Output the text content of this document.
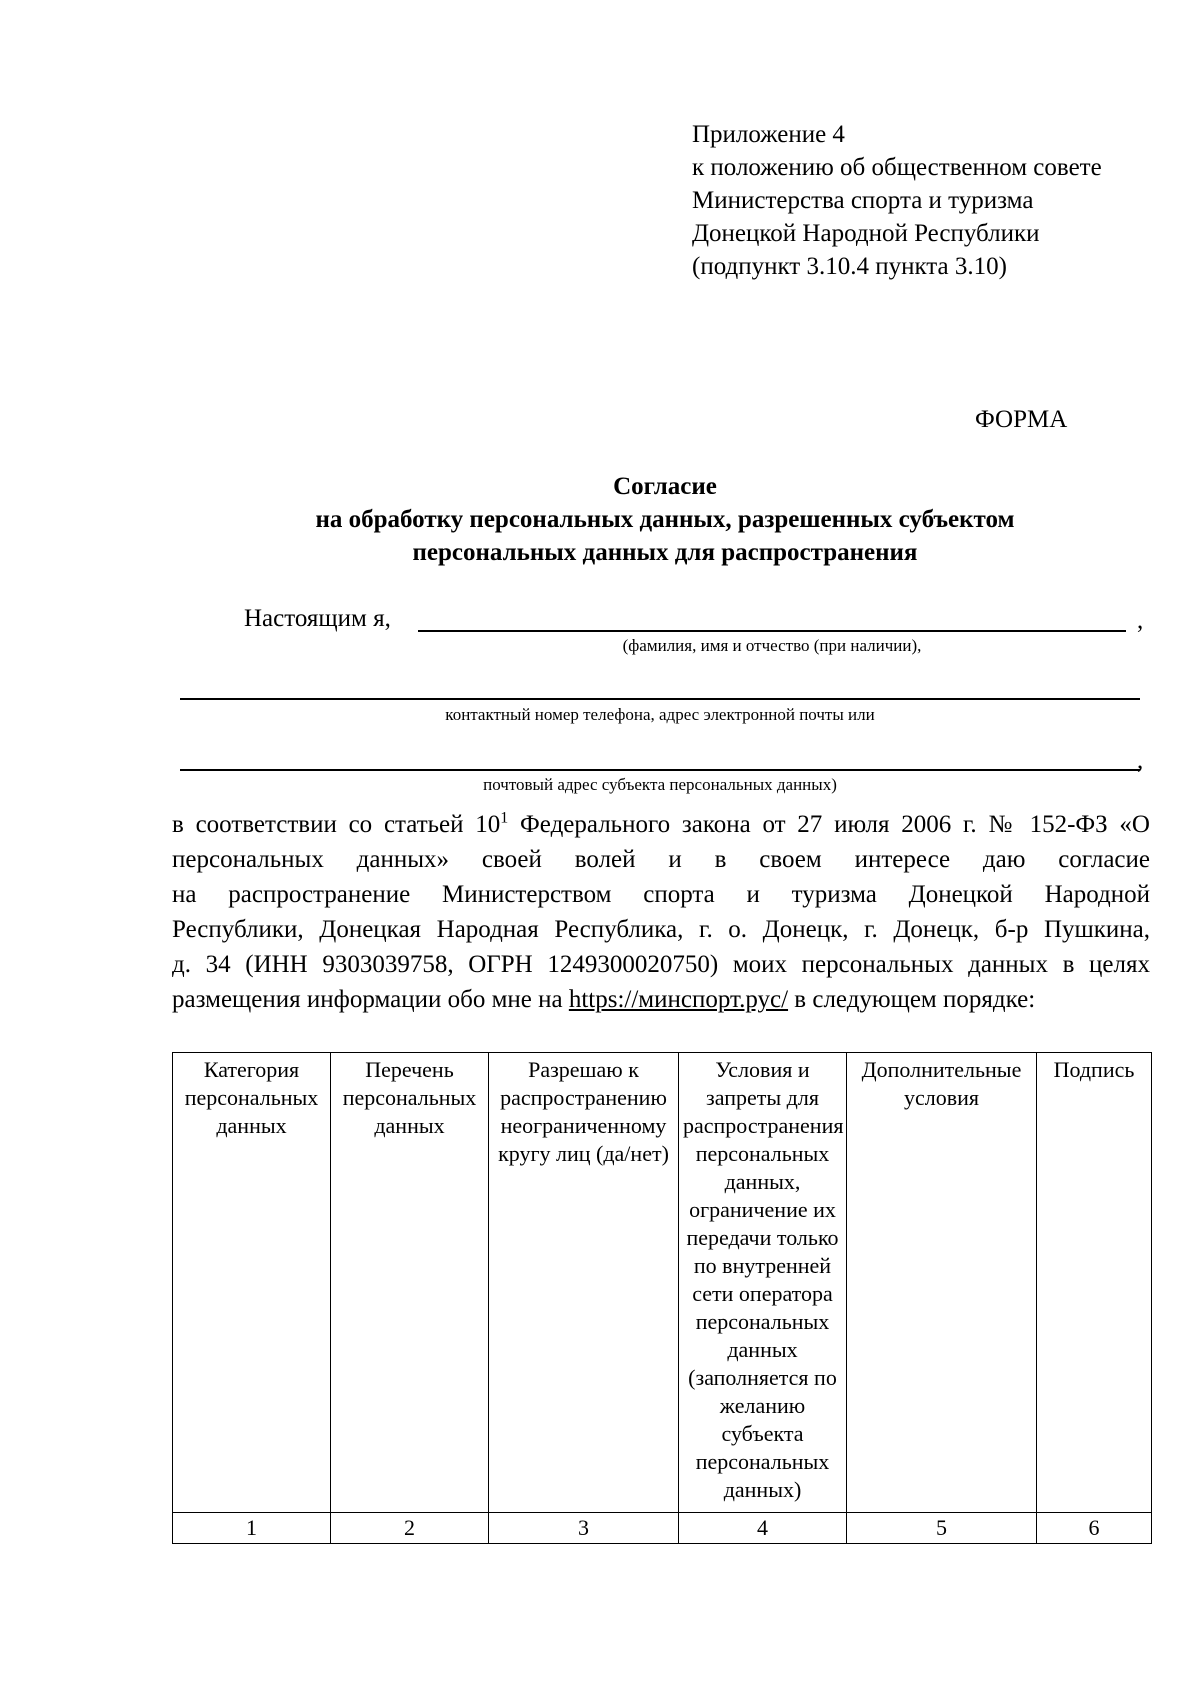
Приложение 4
к положению об общественном совете
Министерства спорта и туризма
Донецкой Народной Республики
(подпункт 3.10.4 пункта 3.10)
ФОРМА
Согласие
на обработку персональных данных, разрешенных субъектом
персональных данных для распространения
Настоящим я,	,
(фамилия, имя и отчество (при наличии),
контактный номер телефона, адрес электронной почты или
,
почтовый адрес субъекта персональных данных)

в соответствии со статьей $10^1$ Федерального закона от 27 июля 2006 г. № 152-ФЗ «О

персональных данных» своей волей и в своем интересе даю согласие

на распространение Министерством спорта и туризма Донецкой Народной

Республики, Донецкая Народная Республика, г. о. Донецк, г. Донецк, б-р Пушкина,

д. 34 (ИНН 9303039758, ОГРН 1249300020750) моих персональных данных в целях

размещения информации обо мне на https://минспорт.рус/ в следующем порядке:

Категория персональных данных	Перечень персональных данных	Разрешаю к распространению неограниченному кругу лиц (да/нет)	Условия и запреты для распространения персональных данных, ограничение их передачи только по внутренней сети оператора персональных данных (заполняется по желанию субъекта персональных данных)	Дополнительные условия	Подпись
1	2	3	4	5	6
